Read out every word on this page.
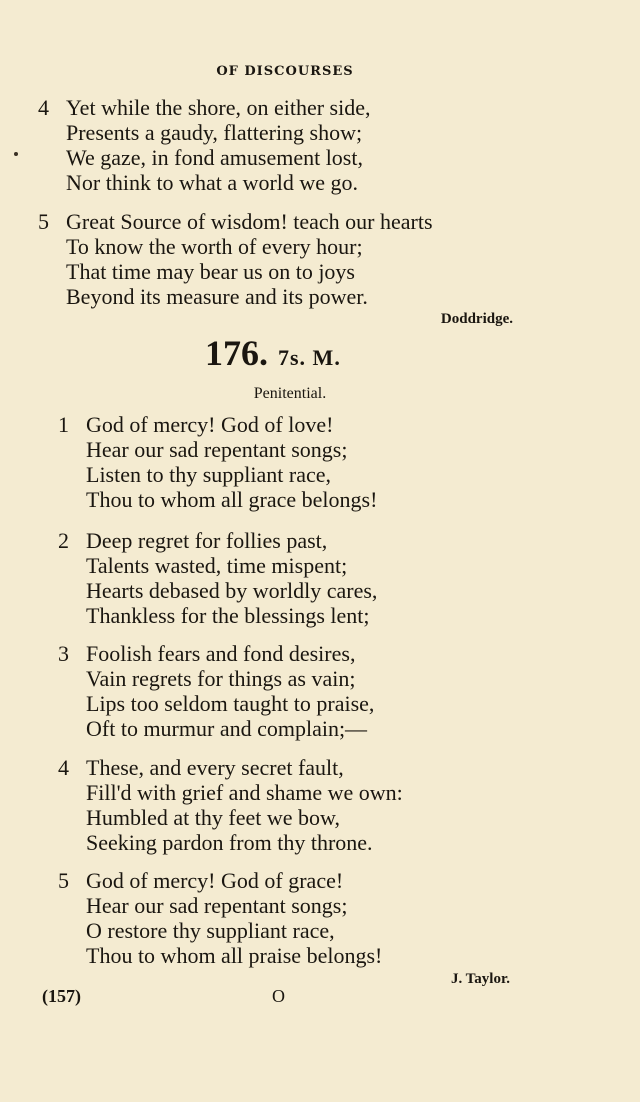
OF DISCOURSES
4 Yet while the shore, on either side,
Presents a gaudy, flattering show;
We gaze, in fond amusement lost,
Nor think to what a world we go.
5 Great Source of wisdom! teach our hearts
To know the worth of every hour;
That time may bear us on to joys
Beyond its measure and its power.
Doddridge.
176. 7s. M.
Penitential.
1 God of mercy! God of love!
Hear our sad repentant songs;
Listen to thy suppliant race,
Thou to whom all grace belongs!
2 Deep regret for follies past,
Talents wasted, time mispent;
Hearts debased by worldly cares,
Thankless for the blessings lent;
3 Foolish fears and fond desires,
Vain regrets for things as vain;
Lips too seldom taught to praise,
Oft to murmur and complain;—
4 These, and every secret fault,
Fill'd with grief and shame we own:
Humbled at thy feet we bow,
Seeking pardon from thy throne.
5 God of mercy! God of grace!
Hear our sad repentant songs;
O restore thy suppliant race,
Thou to whom all praise belongs!
J. Taylor.
(157)	O
